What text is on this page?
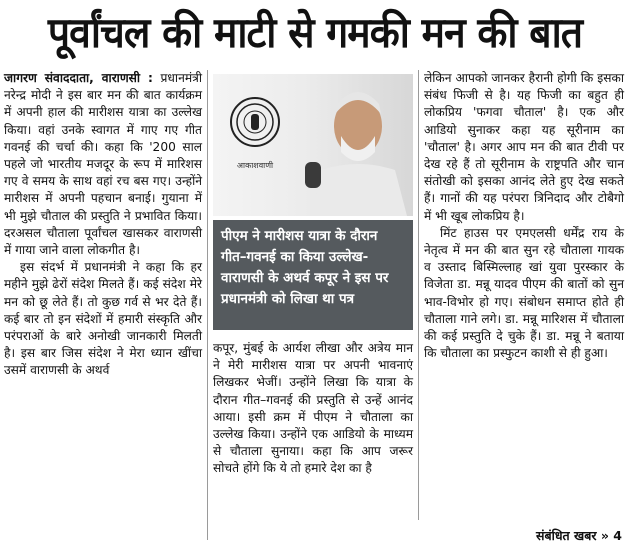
पूर्वांचल की माटी से गमकी मन की बात

जागरण संवाददाता, वाराणसी : प्रधानमंत्री नरेन्द्र मोदी ने इस बार मन की बात कार्यक्रम में अपनी हाल की मारीशस यात्रा का उल्लेख किया। वहां उनके स्वागत में गाए गए गीत गवनई की चर्चा की। कहा कि '200 साल पहले जो भारतीय मजदूर के रूप में मारिशस गए वे समय के साथ वहां रच बस गए। उन्होंने मारीशस में अपनी पहचान बनाई। गुयाना में भी मुझे चौताल की प्रस्तुति ने प्रभावित किया। दरअसल चौताला पूर्वांचल खासकर वाराणसी में गाया जाने वाला लोकगीत है।

इस संदर्भ में प्रधानमंत्री ने कहा कि हर महीने मुझे ढेरों संदेश मिलते हैं। कई संदेश मेरे मन को छू लेते हैं। तो कुछ गर्व से भर देते हैं। कई बार तो इन संदेशों में हमारी संस्कृति और परंपराओं के बारे अनोखी जानकारी मिलती है। इस बार जिस संदेश ने मेरा ध्यान खींचा उसमें वाराणसी के अथर्व

आकाशवाणी
पीएम ने मारीशस यात्रा के दौरान गीत–गवनई का किया उल्लेख-वाराणसी के अथर्व कपूर ने इस पर प्रधानमंत्री को लिखा था पत्र

कपूर, मुंबई के आर्यश लीखा और अत्रेय मान ने मेरी मारीशस यात्रा पर अपनी भावनाएं लिखकर भेजीं। उन्होंने लिखा कि यात्रा के दौरान गीत–गवनई की प्रस्तुति से उन्हें आनंद आया। इसी क्रम में पीएम ने चौताला का उल्लेख किया। उन्होंने एक आडियो के माध्यम से चौताला सुनाया। कहा कि आप जरूर सोचते होंगे कि ये तो हमारे देश का है

लेकिन आपको जानकर हैरानी होगी कि इसका संबंध फिजी से है। यह फिजी का बहुत ही लोकप्रिय 'फगवा चौताल' है। एक और आडियो सुनाकर कहा यह सूरीनाम का 'चौताल' है। अगर आप मन की बात टीवी पर देख रहे हैं तो सूरीनाम के राष्ट्रपति और चान संतोखी को इसका आनंद लेते हुए देख सकते हैं। गानों की यह परंपरा त्रिनिदाद और टोबैगो में भी खूब लोकप्रिय है।

मिंट हाउस पर एमएलसी धर्मेंद्र राय के नेतृत्व में मन की बात सुन रहे चौताला गायक व उस्ताद बिस्मिल्लाह खां युवा पुरस्कार के विजेता डा. मन्नू यादव पीएम की बातों को सुन भाव-विभोर हो गए। संबोधन समाप्त होते ही चौताला गाने लगे। डा. मन्नू मारिशस में चौताला की कई प्रस्तुति दे चुके हैं। डा. मन्नू ने बताया कि चौताला का प्रस्फुटन काशी से ही हुआ।

संबंधित खबर » 4
